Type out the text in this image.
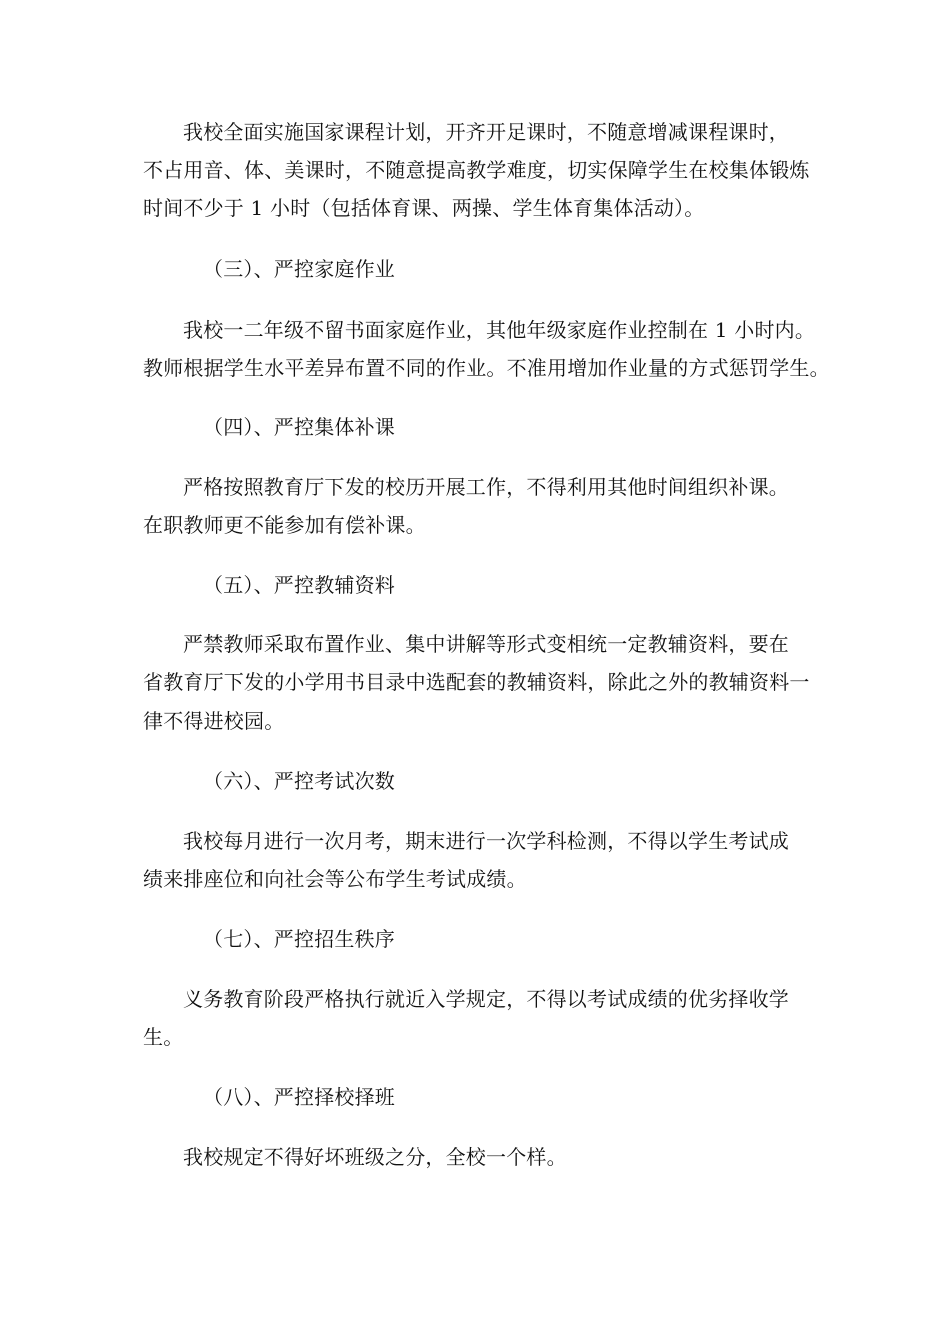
我校全面实施国家课程计划，开齐开足课时，不随意增减课程课时，
不占用音、体、美课时，不随意提高教学难度，切实保障学生在校集体锻炼
时间不少于 1 小时（包括体育课、两操、学生体育集体活动）。
（三）、严控家庭作业
我校一二年级不留书面家庭作业，其他年级家庭作业控制在 1 小时内。
教师根据学生水平差异布置不同的作业。不准用增加作业量的方式惩罚学生。
（四）、严控集体补课
严格按照教育厅下发的校历开展工作，不得利用其他时间组织补课。
在职教师更不能参加有偿补课。
（五）、严控教辅资料
严禁教师采取布置作业、集中讲解等形式变相统一定教辅资料，要在
省教育厅下发的小学用书目录中选配套的教辅资料，除此之外的教辅资料一
律不得进校园。
（六）、严控考试次数
我校每月进行一次月考，期末进行一次学科检测，不得以学生考试成
绩来排座位和向社会等公布学生考试成绩。
（七）、严控招生秩序
义务教育阶段严格执行就近入学规定，不得以考试成绩的优劣择收学
生。
（八）、严控择校择班
我校规定不得好坏班级之分，全校一个样。
